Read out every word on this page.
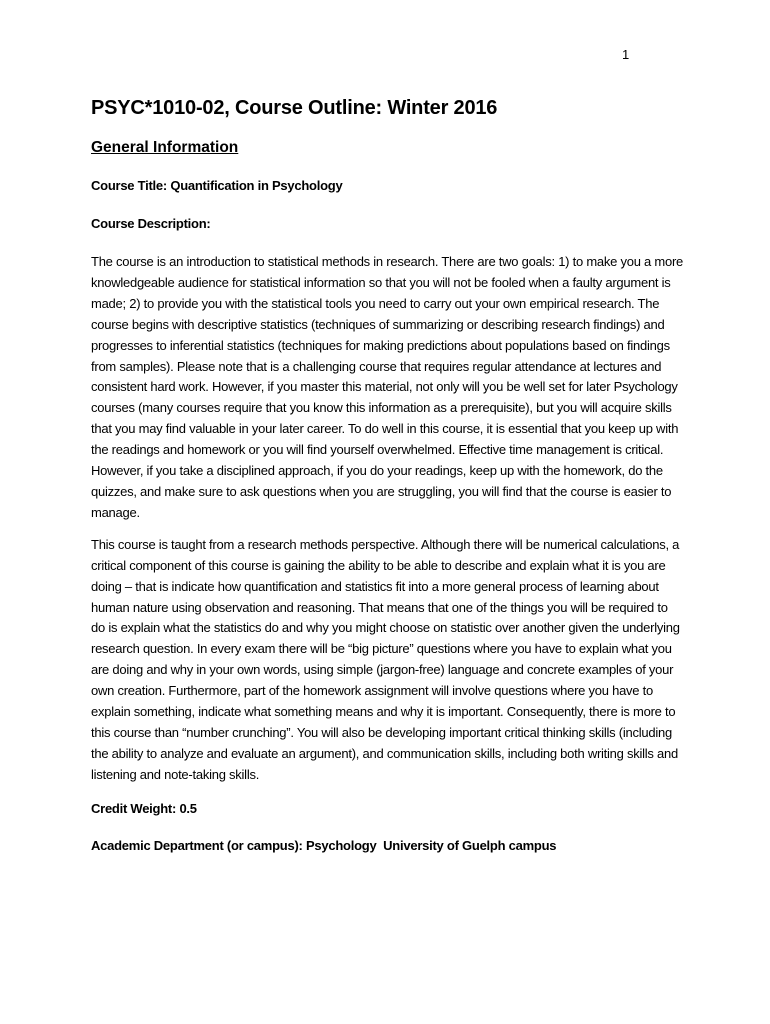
1
PSYC*1010-02, Course Outline: Winter 2016
General Information

Course Title: Quantification in Psychology

Course Description:

The course is an introduction to statistical methods in research. There are two goals: 1) to make you a more knowledgeable audience for statistical information so that you will not be fooled when a faulty argument is made; 2) to provide you with the statistical tools you need to carry out your own empirical research. The course begins with descriptive statistics (techniques of summarizing or describing research findings) and progresses to inferential statistics (techniques for making predictions about populations based on findings from samples). Please note that is a challenging course that requires regular attendance at lectures and consistent hard work. However, if you master this material, not only will you be well set for later Psychology courses (many courses require that you know this information as a prerequisite), but you will acquire skills that you may find valuable in your later career. To do well in this course, it is essential that you keep up with the readings and homework or you will find yourself overwhelmed. Effective time management is critical. However, if you take a disciplined approach, if you do your readings, keep up with the homework, do the quizzes, and make sure to ask questions when you are struggling, you will find that the course is easier to manage.

This course is taught from a research methods perspective. Although there will be numerical calculations, a critical component of this course is gaining the ability to be able to describe and explain what it is you are doing – that is indicate how quantification and statistics fit into a more general process of learning about human nature using observation and reasoning. That means that one of the things you will be required to do is explain what the statistics do and why you might choose on statistic over another given the underlying research question. In every exam there will be “big picture” questions where you have to explain what you are doing and why in your own words, using simple (jargon-free) language and concrete examples of your own creation. Furthermore, part of the homework assignment will involve questions where you have to explain something, indicate what something means and why it is important. Consequently, there is more to this course than “number crunching”. You will also be developing important critical thinking skills (including the ability to analyze and evaluate an argument), and communication skills, including both writing skills and listening and note-taking skills.

Credit Weight: 0.5

Academic Department (or campus): Psychology  University of Guelph campus
